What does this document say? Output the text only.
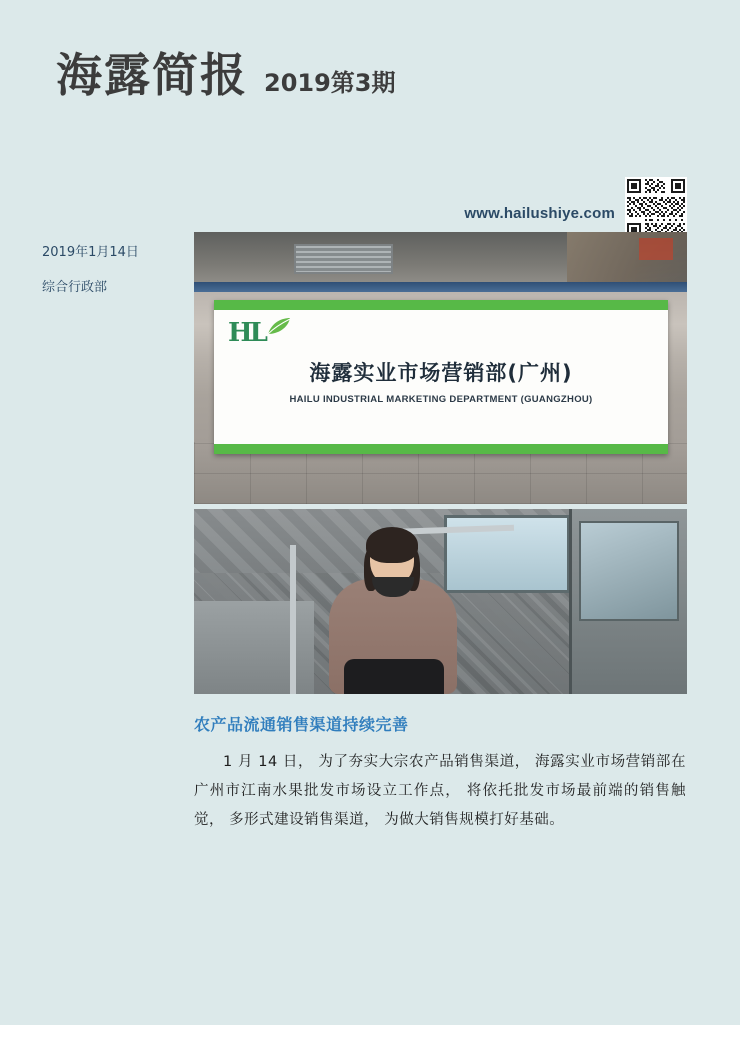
海露简报 2019第3期
www.hailushiye.com
2019年1月14日
综合行政部
HL
海露实业市场营销部(广州)
HAILU INDUSTRIAL MARKETING DEPARTMENT (GUANGZHOU)
农产品流通销售渠道持续完善
1 月 14 日， 为了夯实大宗农产品销售渠道， 海露实业市场营销部在广州市江南水果批发市场设立工作点， 将依托批发市场最前端的销售触觉， 多形式建设销售渠道， 为做大销售规模打好基础。
